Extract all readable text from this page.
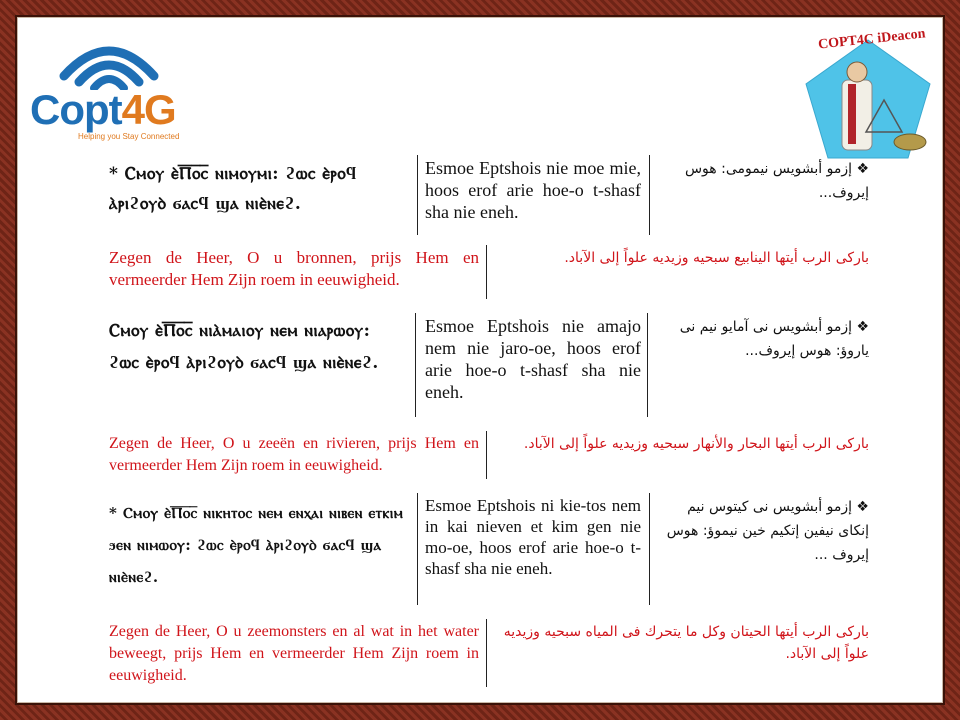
Copt4G
Helping you Stay Connected
COPT4C iDeacon
* Ⲥⲙⲟⲩ ⲉ̀Ⲡ̅ⲟ̅ⲥ̅ ⲛⲓⲙⲟⲩⲙⲓ: ϩⲱⲥ ⲉ̀ⲣⲟϥ ⲁ̀ⲣⲓϩⲟⲩⲟ̀ ϭⲁⲥϥ ϣⲁ ⲛⲓⲉ̀ⲛⲉϩ.
Esmoe Eptshois nie moe mie, hoos erof arie hoe-o t-shasf sha nie eneh.
❖ إزمو أبشويس نيمومى: هوس إيروف...
Zegen de Heer, O u bronnen, prijs Hem en vermeerder Hem Zijn roem in eeuwigheid.
باركى الرب أيتها الينابيع سبحيه وزيديه علواً إلى الآباد.
Ⲥⲙⲟⲩ ⲉ̀Ⲡ̅ⲟ̅ⲥ̅ ⲛⲓⲁ̀ⲙⲁⲓⲟⲩ ⲛⲉⲙ ⲛⲓⲁⲣⲱⲟⲩ: ϩⲱⲥ ⲉ̀ⲣⲟϥ ⲁ̀ⲣⲓϩⲟⲩⲟ̀ ϭⲁⲥϥ ϣⲁ ⲛⲓⲉ̀ⲛⲉϩ.
Esmoe Eptshois nie amajo nem nie jaro-oe, hoos erof arie hoe-o t-shasf sha nie eneh.
❖ إزمو أبشويس نى آمايو نيم نى ياروؤ: هوس إيروف...
Zegen de Heer, O u zeeën en rivieren, prijs Hem en vermeerder Hem Zijn roem in eeuwigheid.
باركى الرب أيتها البحار والأنهار سبحيه وزيديه علواً إلى الآباد.
* Ⲥⲙⲟⲩ ⲉ̀Ⲡ̅ⲟ̅ⲥ̅ ⲛⲓⲕⲏⲧⲟⲥ ⲛⲉⲙ ⲉⲛⲭⲁⲓ ⲛⲓⲃⲉⲛ ⲉⲧⲕⲓⲙ ϧⲉⲛ ⲛⲓⲙⲱⲟⲩ: ϩⲱⲥ ⲉ̀ⲣⲟϥ ⲁ̀ⲣⲓϩⲟⲩⲟ̀ ϭⲁⲥϥ ϣⲁ ⲛⲓⲉ̀ⲛⲉϩ.
Esmoe Eptshois ni kie-tos nem in kai nieven et kim gen nie mo-oe, hoos erof arie hoe-o t-shasf sha nie eneh.
❖ إزمو أبشويس نى كيتوس نيم إنكاى نيفين إتكيم خين نيموؤ: هوس إيروف ...
Zegen de Heer, O u zeemonsters en al wat in het water beweegt, prijs Hem en vermeerder Hem Zijn roem in eeuwigheid.
باركى الرب أيتها الحيتان وكل ما يتحرك فى المياه سبحيه وزيديه علواً إلى الآباد.
